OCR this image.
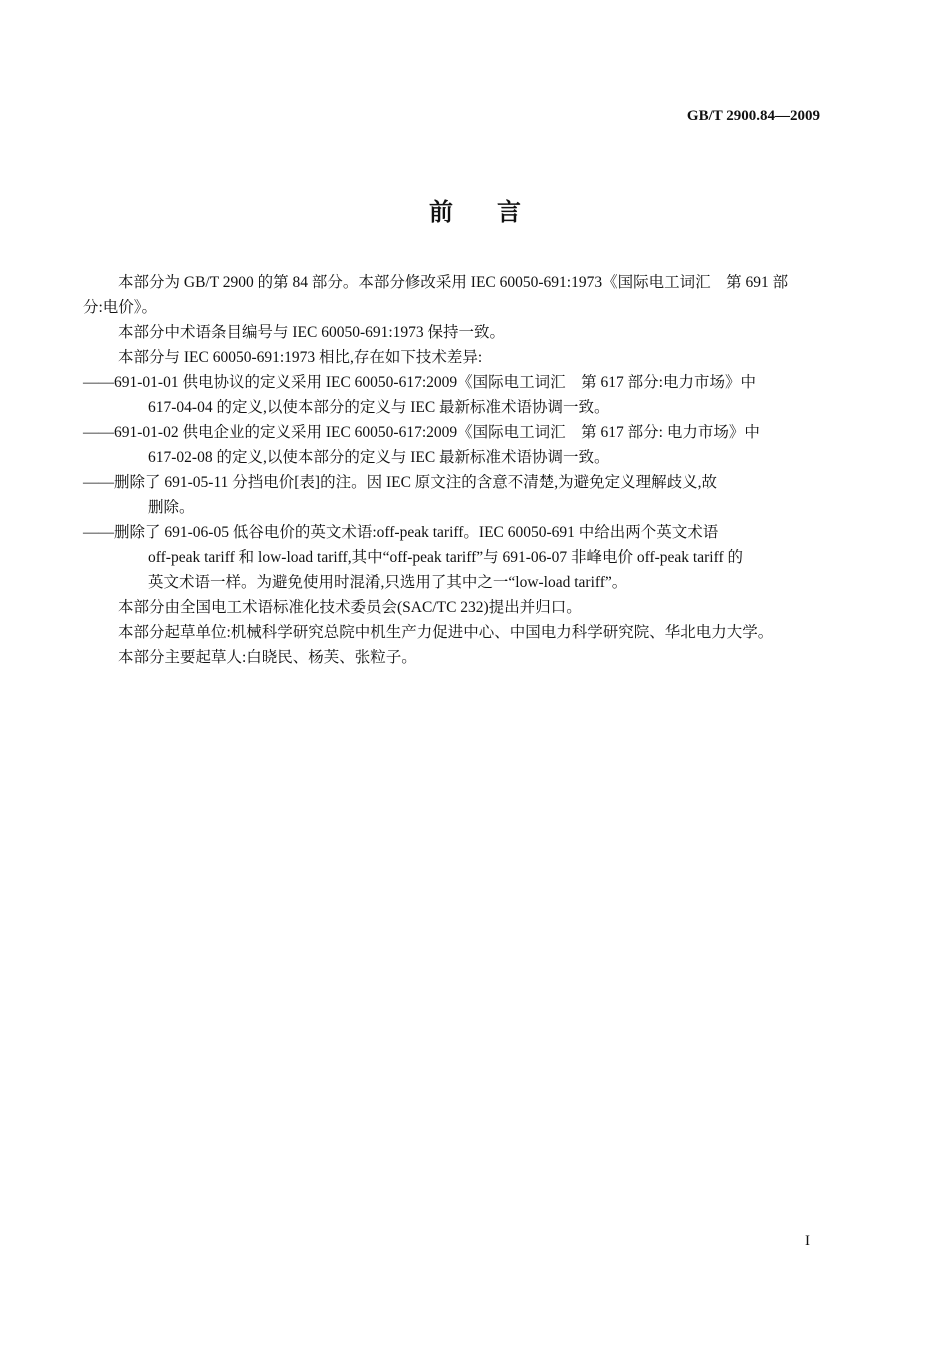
GB/T 2900.84—2009
前言
本部分为 GB/T 2900 的第 84 部分。本部分修改采用 IEC 60050-691:1973《国际电工词汇　第 691 部
分:电价》。
本部分中术语条目编号与 IEC 60050-691:1973 保持一致。
本部分与 IEC 60050-691:1973 相比,存在如下技术差异:
——691-01-01 供电协议的定义采用 IEC 60050-617:2009《国际电工词汇　第 617 部分:电力市场》中
617-04-04 的定义,以使本部分的定义与 IEC 最新标准术语协调一致。
——691-01-02 供电企业的定义采用 IEC 60050-617:2009《国际电工词汇　第 617 部分: 电力市场》中
617-02-08 的定义,以使本部分的定义与 IEC 最新标准术语协调一致。
——删除了 691-05-11 分挡电价[表]的注。因 IEC 原文注的含意不清楚,为避免定义理解歧义,故
删除。
——删除了 691-06-05 低谷电价的英文术语:off-peak tariff。IEC 60050-691 中给出两个英文术语
off-peak tariff 和 low-load tariff,其中“off-peak tariff”与 691-06-07 非峰电价 off-peak tariff 的
英文术语一样。为避免使用时混淆,只选用了其中之一“low-load tariff”。
本部分由全国电工术语标准化技术委员会(SAC/TC 232)提出并归口。
本部分起草单位:机械科学研究总院中机生产力促进中心、中国电力科学研究院、华北电力大学。
本部分主要起草人:白晓民、杨芙、张粒子。
I
